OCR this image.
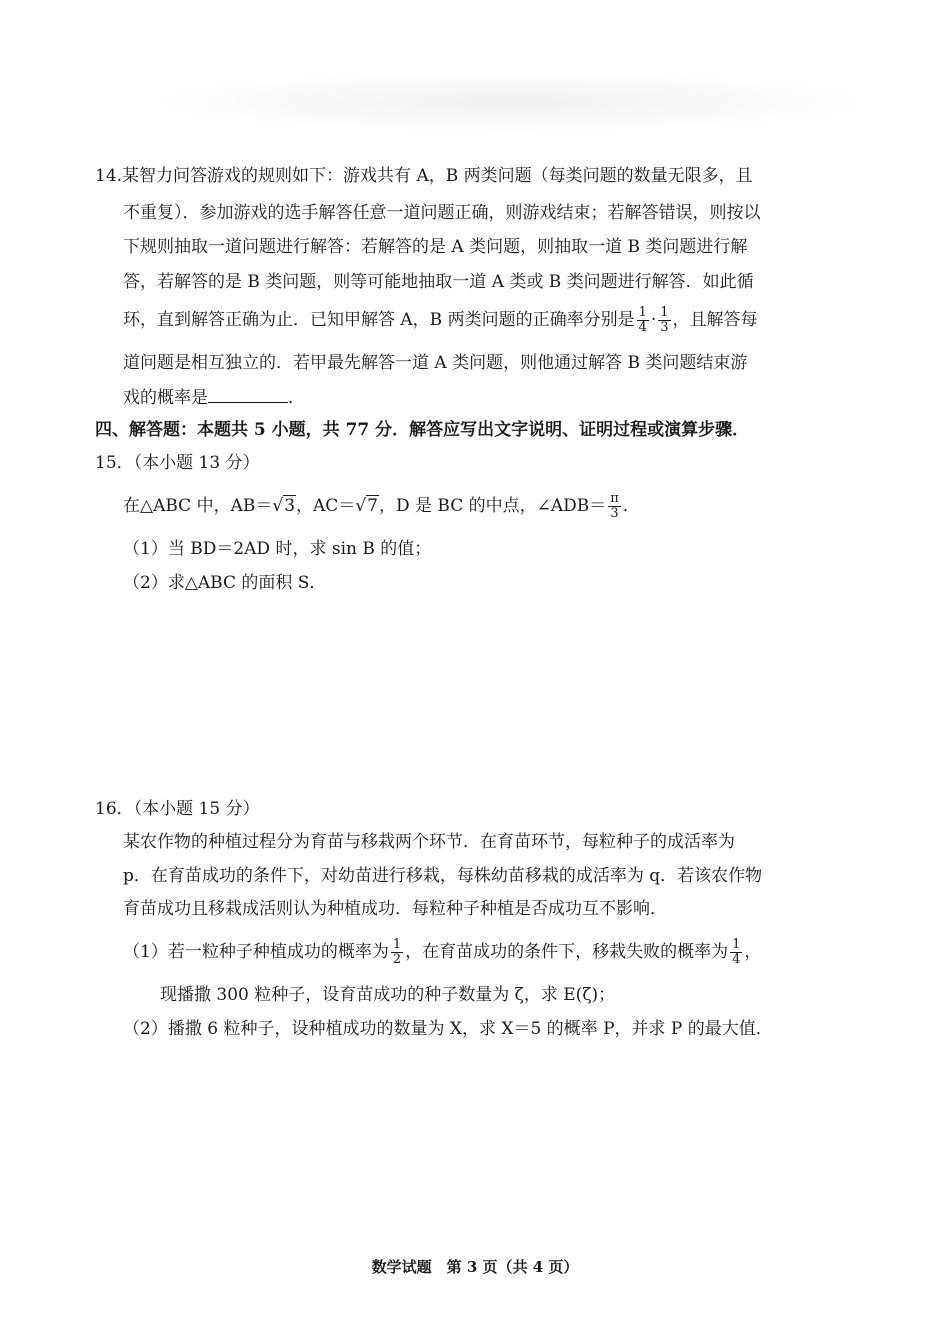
14.某智力问答游戏的规则如下：游戏共有 A，B 两类问题（每类问题的数量无限多，且
不重复）．参加游戏的选手解答任意一道问题正确，则游戏结束；若解答错误，则按以
下规则抽取一道问题进行解答：若解答的是 A 类问题，则抽取一道 B 类问题进行解
答，若解答的是 B 类问题，则等可能地抽取一道 A 类或 B 类问题进行解答．如此循
环，直到解答正确为止．已知甲解答 A，B 两类问题的正确率分别是 $\frac{1}{4} \cdot \frac{1}{3}$ ，且解答每
道问题是相互独立的．若甲最先解答一道 A 类问题，则他通过解答 B 类问题结束游
戏的概率是	．
四、解答题：本题共 5 小题，共 77 分．解答应写出文字说明、证明过程或演算步骤．
15．（本小题 13 分）
在△ABC 中，AB＝√3，AC＝√7，D 是 BC 的中点，∠ADB＝ $\frac{\pi}{3}$ ．
（1）当 BD＝2AD 时，求 sin B 的值；
（2）求△ABC 的面积 S．
16．（本小题 15 分）
某农作物的种植过程分为育苗与移栽两个环节．在育苗环节，每粒种子的成活率为
p．在育苗成功的条件下，对幼苗进行移栽，每株幼苗移栽的成活率为 q．若该农作物
育苗成功且移栽成活则认为种植成功．每粒种子种植是否成功互不影响．
（1）若一粒种子种植成功的概率为 $\frac{1}{2}$ ，在育苗成功的条件下，移栽失败的概率为 $\frac{1}{4}$ ，
现播撒 300 粒种子，设育苗成功的种子数量为 ζ，求 E(ζ)；
（2）播撒 6 粒种子，设种植成功的数量为 X，求 X＝5 的概率 P，并求 P 的最大值．
数学试题　第 3 页（共 4 页）
